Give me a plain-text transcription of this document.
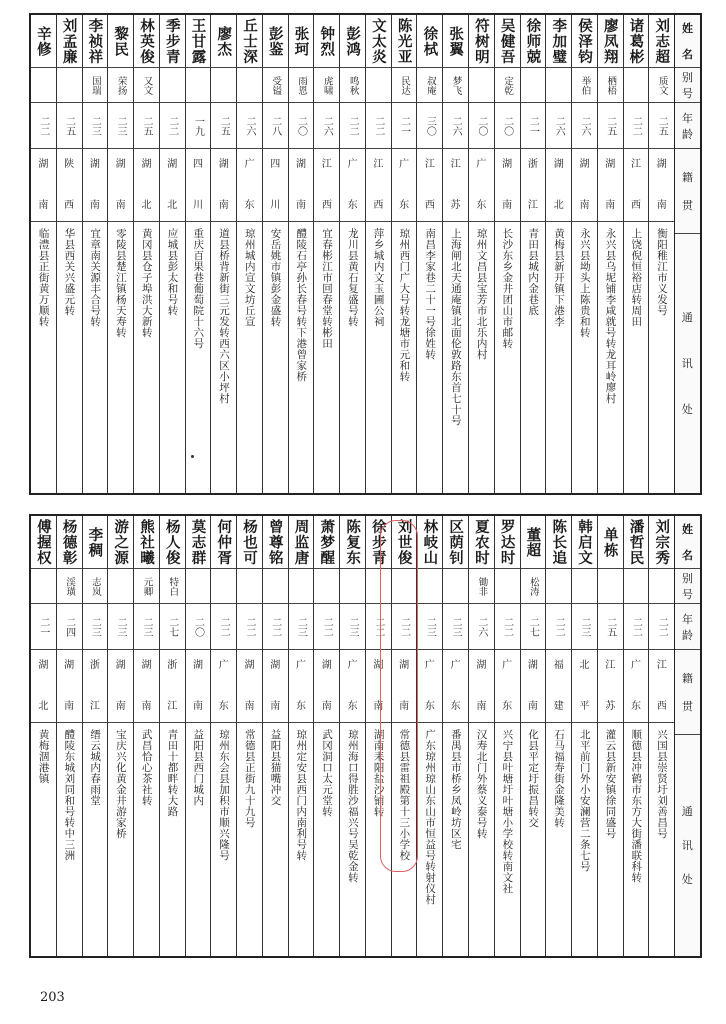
辛修
二二
湖
南
临澧县正街黄万顺转
刘孟廉
二五
陕
西
华县西关兴盛元转
李祯祥
国瑞
二三
湖
南
宜章南关源丰合号转
黎民
荣扬
二三
湖
南
零陵县楚江镇杨天寿转
林英俊
又文
二五
湖
北
黄冈县仓子埠洪大新转
季步青
二二
湖
北
应城县彭太和号转
王甘露
一九
四
川
重庆百果巷葡萄院十六号
廖杰
二五
湖
南
道县桥背新街三元发转西六区小坪村
丘士深
二六
广
东
琼州城内宣文坊丘宣
彭鉴
受镒
二八
四
川
安岳姚市镇彭金盛转
张珂
雨恩
二〇
湖
南
醴陵石亭孙长春号转下港曾家桥
钟烈
虎啸
二六
江
西
宜春彬江市回春堂转彬田
彭鸿
鸣秋
二二
广
东
龙川县黄石复盛号转
文太炎
二二
江
西
萍乡城内文玉圃公祠
陈光亚
民达
二一
广
东
琼州西门广大号转龙塘市元和转
徐栻
叔庵
三〇
江
西
南昌李家巷二十一号徐姓转
张翼
梦飞
二六
江
苏
上海闸北天通庵镇北面伦敦路东首七十号
符树明
二〇
广
东
琼州文昌县宝芳市北乐内村
吴健吾
定乾
二〇
湖
南
长沙东乡金井团山市邮转
徐师兢
二一
浙
江
青田县城内金巷底
李加璧
二六
湖
北
黄梅县新开镇下港李
侯泽钧
举伯
二六
湖
南
永兴县坳头上陈贵和转
廖凤翔
栖梧
二五
湖
南
永兴县乌坭铺李咸就号转龙耳岭廖村
诸葛彬
二二
江
西
上饶倪恒裕店转周田
刘志超
质文
二五
湖
南
衡阳稚江市义发号
姓
名
别
号
年
龄
籍
贯
通
讯
处
傅握权
二一
湖
北
黄梅涸港镇
杨德彰
渓璜
二四
湖
南
醴陵东城刘同和号转中三洲
李稠
志岚
二三
浙
江
缙云城内春雨堂
游之源
二三
湖
南
宝庆兴化黄金井游家桥
熊社曦
元卿
二三
湖
南
武昌恰心茶社转
杨人俊
特白
二七
浙
江
青田十都畔转大路
莫志群
二〇
湖
南
益阳县西门城内
何仲胥
二二
广
东
琼州东会县加积市顺兴隆号
杨也可
二二
湖
南
常德县正街九十九号
曾尊铭
二二
湖
南
益阳县猫嘴冲交
周监唐
二三
广
东
琼州定安县西门内南利号转
萧梦醒
二二
湖
南
武冈洞口太元堂转
陈复东
二三
广
东
琼州海口得胜沙福兴号吴乾金转
徐步青
二二
湖
南
湖南耒阳盐沙铺转
刘世俊
二二
湖
南
常德县雷祖殿第十三小学校
林岐山
二三
广
东
广东琼州琼山东山市恒益号转射仪村
区荫钊
二三
广
东
番禺县市桥乡凤岭坊区宅
夏农时
锄非
二六
湖
南
汉寿北门外蔡义泰号转
罗达时
二二
广
东
兴宁县叶塘圩叶塘小学校转南文社
董超
松涛
二七
湖
南
化县平定圩振昌转交
陈长追
二二
福
建
石马福寿街金隆美转
韩启文
二三
北
平
北平前门外小安澜营二条七号
单栋
二五
江
苏
灌云县新安镇徐同盛号
潘哲民
二二
广
东
顺德县冲鹤市东方大街潘联科转
刘宗秀
二二
江
西
兴国县崇贤圩刘善昌号
姓
名
别
号
年
龄
籍
贯
通
讯
处
203
